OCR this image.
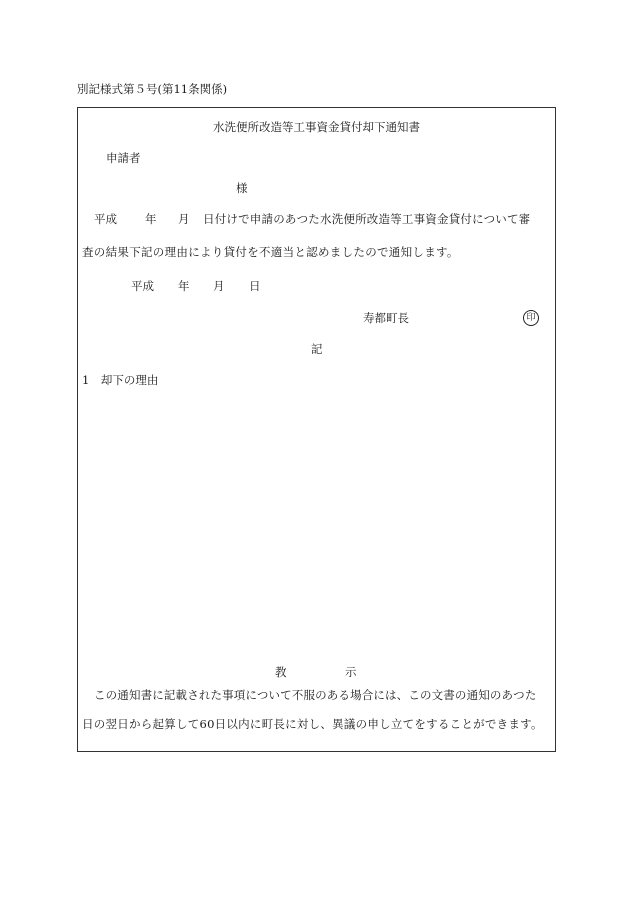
別記様式第５号(第11条関係)
水洗便所改造等工事資金貸付却下通知書
申請者
様
平成 年 月 日付けで申請のあつた水洗便所改造等工事資金貸付について審
査の結果下記の理由により貸付を不適当と認めましたので通知します。
平成 年 月 日
寿都町長	印
記
1　却下の理由
教	示
この通知書に記載された事項について不服のある場合には、この文書の通知のあつた
日の翌日から起算して60日以内に町長に対し、異議の申し立てをすることができます。
